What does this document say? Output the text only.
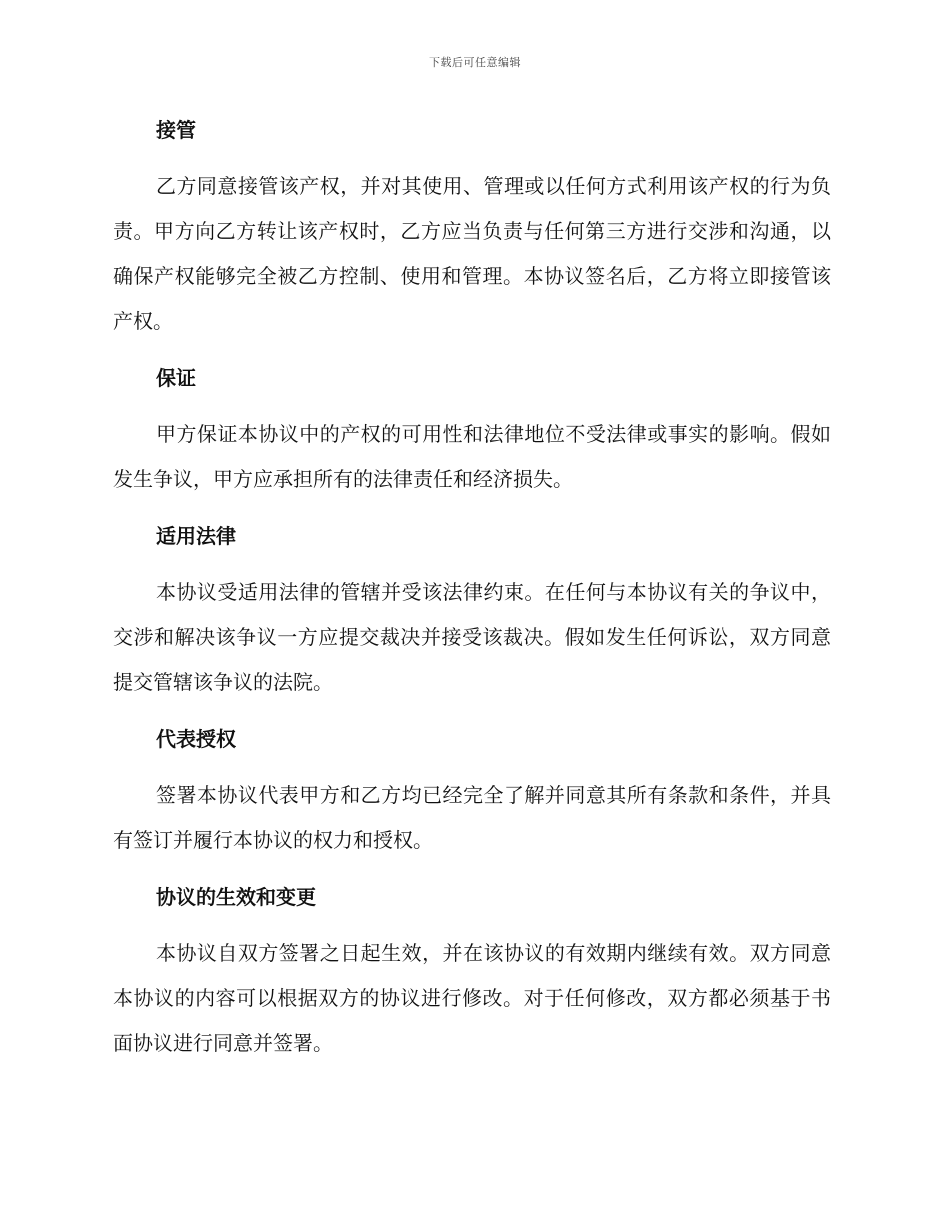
下载后可任意编辑
接管

乙方同意接管该产权，并对其使用、管理或以任何方式利用该产权的行为负责。甲方向乙方转让该产权时，乙方应当负责与任何第三方进行交涉和沟通，以确保产权能够完全被乙方控制、使用和管理。本协议签名后，乙方将立即接管该产权。

保证

甲方保证本协议中的产权的可用性和法律地位不受法律或事实的影响。假如发生争议，甲方应承担所有的法律责任和经济损失。

适用法律

本协议受适用法律的管辖并受该法律约束。在任何与本协议有关的争议中，交涉和解决该争议一方应提交裁决并接受该裁决。假如发生任何诉讼，双方同意提交管辖该争议的法院。

代表授权

签署本协议代表甲方和乙方均已经完全了解并同意其所有条款和条件，并具有签订并履行本协议的权力和授权。

协议的生效和变更

本协议自双方签署之日起生效，并在该协议的有效期内继续有效。双方同意本协议的内容可以根据双方的协议进行修改。对于任何修改，双方都必须基于书面协议进行同意并签署。
